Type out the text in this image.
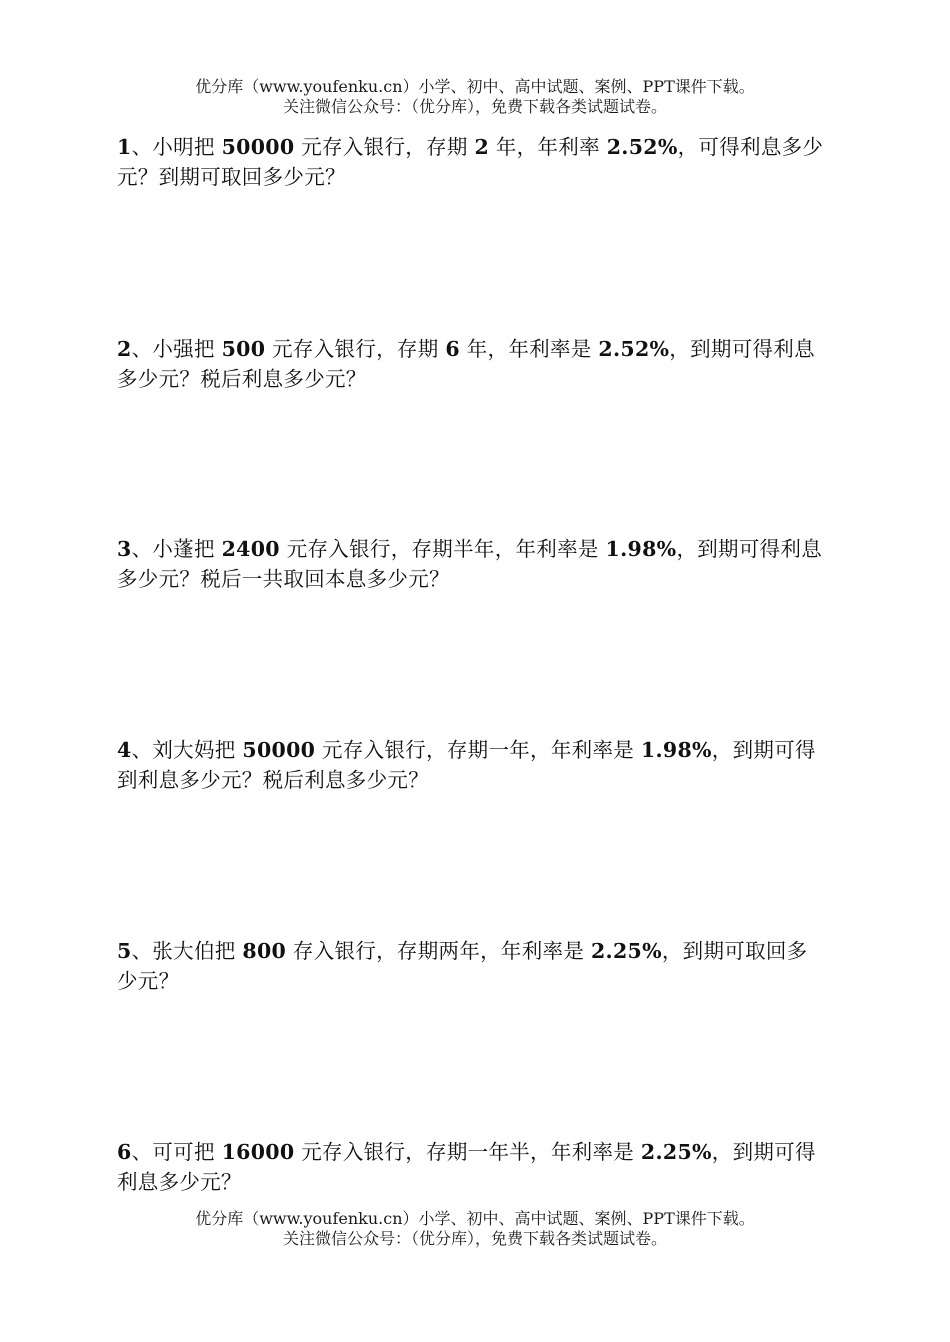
优分库（www.youfenku.cn）小学、初中、高中试题、案例、PPT课件下载。
关注微信公众号：（优分库），免费下载各类试题试卷。
1、小明把 50000 元存入银行，存期 2 年，年利率 2.52%，可得利息多少
元？到期可取回多少元？
2、小强把 500 元存入银行，存期 6 年，年利率是 2.52%，到期可得利息
多少元？税后利息多少元？
3、小蓬把 2400 元存入银行，存期半年，年利率是 1.98%，到期可得利息
多少元？税后一共取回本息多少元？
4、刘大妈把 50000 元存入银行，存期一年，年利率是 1.98%，到期可得
到利息多少元？税后利息多少元？
5、张大伯把 800 存入银行，存期两年，年利率是 2.25%，到期可取回多
少元？
6、可可把 16000 元存入银行，存期一年半，年利率是 2.25%，到期可得
利息多少元？
优分库（www.youfenku.cn）小学、初中、高中试题、案例、PPT课件下载。
关注微信公众号：（优分库），免费下载各类试题试卷。
